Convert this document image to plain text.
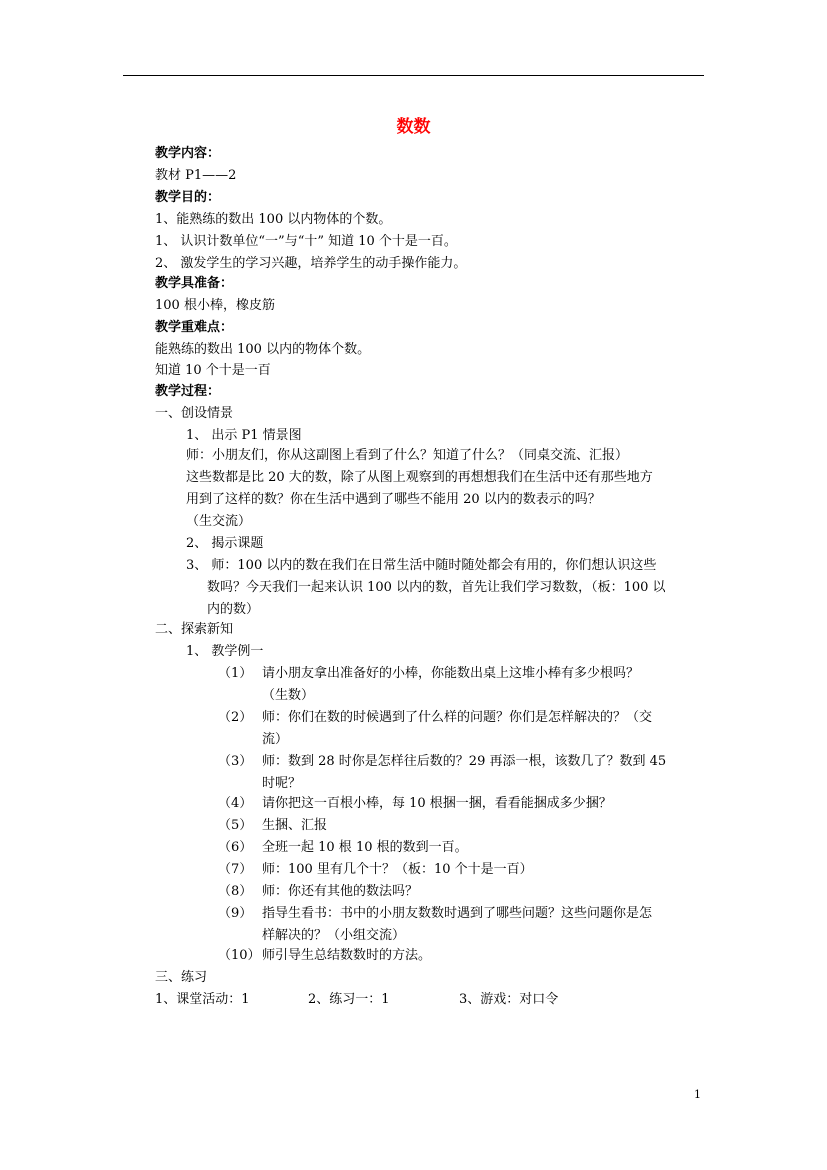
数数
教学内容：
教材 P1——2
教学目的：
1、能熟练的数出 100 以内物体的个数。
1、 认识计数单位“一”与“十” 知道 10 个十是一百。
2、 激发学生的学习兴趣，培养学生的动手操作能力。
教学具准备：
100 根小棒，橡皮筋
教学重难点：
能熟练的数出 100 以内的物体个数。
知道 10 个十是一百
教学过程：
一、创设情景
1、 出示 P1 情景图
师：小朋友们，你从这副图上看到了什么？知道了什么？（同桌交流、汇报）
这些数都是比 20 大的数，除了从图上观察到的再想想我们在生活中还有那些地方
用到了这样的数？你在生活中遇到了哪些不能用 20 以内的数表示的吗？
（生交流）
2、 揭示课题
3、 师：100 以内的数在我们在日常生活中随时随处都会有用的，你们想认识这些
数吗？今天我们一起来认识 100 以内的数，首先让我们学习数数，（板：100 以
内的数）
二、探索新知
1、 教学例一
（1） 请小朋友拿出准备好的小棒，你能数出桌上这堆小棒有多少根吗？
（生数）
（2） 师：你们在数的时候遇到了什么样的问题？你们是怎样解决的？（交
流）
（3） 师：数到 28 时你是怎样往后数的？29 再添一根，该数几了？数到 45
时呢？
（4） 请你把这一百根小棒，每 10 根捆一捆，看看能捆成多少捆？
（5） 生捆、汇报
（6） 全班一起 10 根 10 根的数到一百。
（7） 师：100 里有几个十？（板：10 个十是一百）
（8） 师：你还有其他的数法吗？
（9） 指导生看书：书中的小朋友数数时遇到了哪些问题？这些问题你是怎
样解决的？（小组交流）
（10） 师引导生总结数数时的方法。
三、练习
1、课堂活动：1	2、练习一：1	3、游戏：对口令
1
